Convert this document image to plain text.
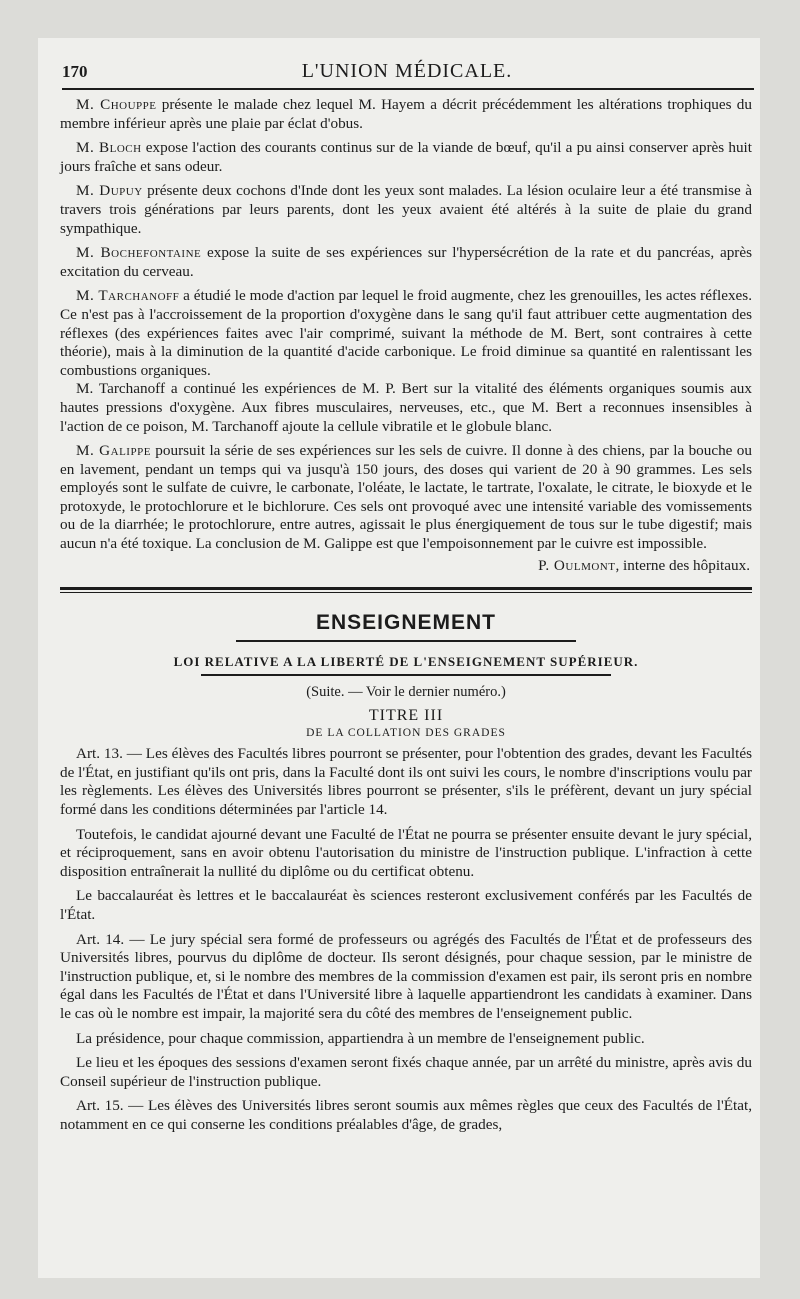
170	L'UNION MÉDICALE.

M. Chouppe présente le malade chez lequel M. Hayem a décrit précédemment les altérations trophiques du membre inférieur après une plaie par éclat d'obus.

M. Bloch expose l'action des courants continus sur de la viande de bœuf, qu'il a pu ainsi conserver après huit jours fraîche et sans odeur.

M. Dupuy présente deux cochons d'Inde dont les yeux sont malades. La lésion oculaire leur a été transmise à travers trois générations par leurs parents, dont les yeux avaient été altérés à la suite de plaie du grand sympathique.

M. Bochefontaine expose la suite de ses expériences sur l'hypersécrétion de la rate et du pancréas, après excitation du cerveau.

M. Tarchanoff a étudié le mode d'action par lequel le froid augmente, chez les grenouilles, les actes réflexes. Ce n'est pas à l'accroissement de la proportion d'oxygène dans le sang qu'il faut attribuer cette augmentation des réflexes (des expériences faites avec l'air comprimé, suivant la méthode de M. Bert, sont contraires à cette théorie), mais à la diminution de la quantité d'acide carbonique. Le froid diminue sa quantité en ralentissant les combustions organiques.

M. Tarchanoff a continué les expériences de M. P. Bert sur la vitalité des éléments organiques soumis aux hautes pressions d'oxygène. Aux fibres musculaires, nerveuses, etc., que M. Bert a reconnues insensibles à l'action de ce poison, M. Tarchanoff ajoute la cellule vibratile et le globule blanc.

M. Galippe poursuit la série de ses expériences sur les sels de cuivre. Il donne à des chiens, par la bouche ou en lavement, pendant un temps qui va jusqu'à 150 jours, des doses qui varient de 20 à 90 grammes. Les sels employés sont le sulfate de cuivre, le carbonate, l'oléate, le lactate, le tartrate, l'oxalate, le citrate, le bioxyde et le protoxyde, le protochlorure et le bichlorure. Ces sels ont provoqué avec une intensité variable des vomissements ou de la diarrhée; le protochlorure, entre autres, agissait le plus énergiquement de tous sur le tube digestif; mais aucun n'a été toxique. La conclusion de M. Galippe est que l'empoisonnement par le cuivre est impossible.

P. Oulmont, interne des hôpitaux.

ENSEIGNEMENT
LOI RELATIVE A LA LIBERTÉ DE L'ENSEIGNEMENT SUPÉRIEUR.
(Suite. — Voir le dernier numéro.)
TITRE III
DE LA COLLATION DES GRADES

Art. 13. — Les élèves des Facultés libres pourront se présenter, pour l'obtention des grades, devant les Facultés de l'État, en justifiant qu'ils ont pris, dans la Faculté dont ils ont suivi les cours, le nombre d'inscriptions voulu par les règlements. Les élèves des Universités libres pourront se présenter, s'ils le préfèrent, devant un jury spécial formé dans les conditions déterminées par l'article 14.

Toutefois, le candidat ajourné devant une Faculté de l'État ne pourra se présenter ensuite devant le jury spécial, et réciproquement, sans en avoir obtenu l'autorisation du ministre de l'instruction publique. L'infraction à cette disposition entraînerait la nullité du diplôme ou du certificat obtenu.

Le baccalauréat ès lettres et le baccalauréat ès sciences resteront exclusivement conférés par les Facultés de l'État.

Art. 14. — Le jury spécial sera formé de professeurs ou agrégés des Facultés de l'État et de professeurs des Universités libres, pourvus du diplôme de docteur. Ils seront désignés, pour chaque session, par le ministre de l'instruction publique, et, si le nombre des membres de la commission d'examen est pair, ils seront pris en nombre égal dans les Facultés de l'État et dans l'Université libre à laquelle appartiendront les candidats à examiner. Dans le cas où le nombre est impair, la majorité sera du côté des membres de l'enseignement public.

La présidence, pour chaque commission, appartiendra à un membre de l'enseignement public.

Le lieu et les époques des sessions d'examen seront fixés chaque année, par un arrêté du ministre, après avis du Conseil supérieur de l'instruction publique.

Art. 15. — Les élèves des Universités libres seront soumis aux mêmes règles que ceux des Facultés de l'État, notamment en ce qui conserne les conditions préalables d'âge, de grades,
